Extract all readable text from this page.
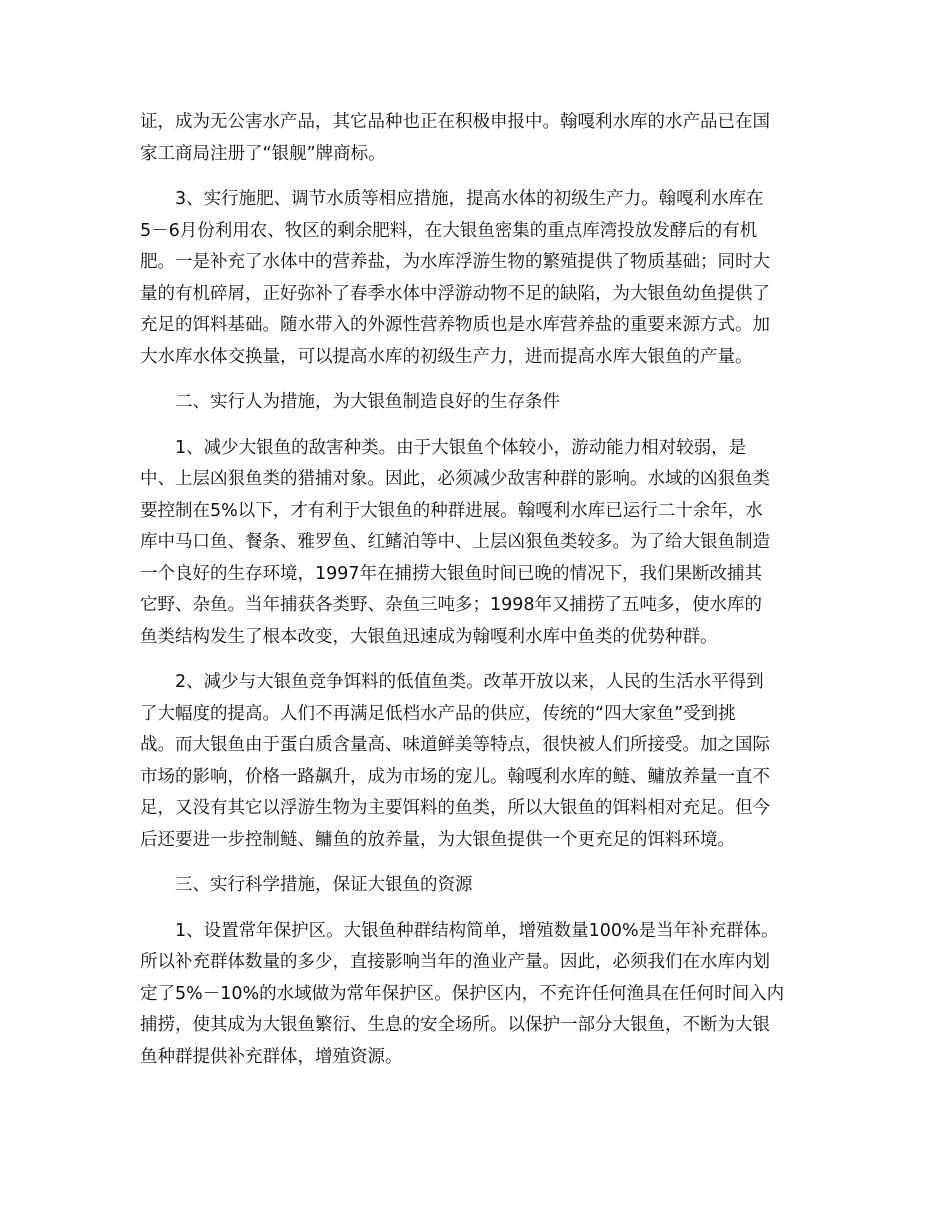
证，成为无公害水产品，其它品种也正在积极申报中。翰嘎利水库的水产品已在国
家工商局注册了“银舰”牌商标。

3、实行施肥、调节水质等相应措施，提高水体的初级生产力。翰嘎利水库在
5－6月份利用农、牧区的剩余肥料，在大银鱼密集的重点库湾投放发酵后的有机
肥。一是补充了水体中的营养盐，为水库浮游生物的繁殖提供了物质基础；同时大
量的有机碎屑，正好弥补了春季水体中浮游动物不足的缺陷，为大银鱼幼鱼提供了
充足的饵料基础。随水带入的外源性营养物质也是水库营养盐的重要来源方式。加
大水库水体交换量，可以提高水库的初级生产力，进而提高水库大银鱼的产量。

二、实行人为措施，为大银鱼制造良好的生存条件

1、减少大银鱼的敌害种类。由于大银鱼个体较小，游动能力相对较弱，是
中、上层凶狠鱼类的猎捕对象。因此，必须减少敌害种群的影响。水域的凶狠鱼类
要控制在5%以下，才有利于大银鱼的种群进展。翰嘎利水库已运行二十余年，水
库中马口鱼、餐条、雅罗鱼、红鳍泊等中、上层凶狠鱼类较多。为了给大银鱼制造
一个良好的生存环境，1997年在捕捞大银鱼时间已晚的情况下，我们果断改捕其
它野、杂鱼。当年捕获各类野、杂鱼三吨多；1998年又捕捞了五吨多，使水库的
鱼类结构发生了根本改变，大银鱼迅速成为翰嘎利水库中鱼类的优势种群。

2、减少与大银鱼竞争饵料的低值鱼类。改革开放以来，人民的生活水平得到
了大幅度的提高。人们不再满足低档水产品的供应，传统的“四大家鱼”受到挑
战。而大银鱼由于蛋白质含量高、味道鲜美等特点，很快被人们所接受。加之国际
市场的影响，价格一路飙升，成为市场的宠儿。翰嘎利水库的鲢、鳙放养量一直不
足，又没有其它以浮游生物为主要饵料的鱼类，所以大银鱼的饵料相对充足。但今
后还要进一步控制鲢、鳙鱼的放养量，为大银鱼提供一个更充足的饵料环境。

三、实行科学措施，保证大银鱼的资源

1、设置常年保护区。大银鱼种群结构简单，增殖数量100%是当年补充群体。
所以补充群体数量的多少，直接影响当年的渔业产量。因此，必须我们在水库内划
定了5%－10%的水域做为常年保护区。保护区内，不充许任何渔具在任何时间入内
捕捞，使其成为大银鱼繁衍、生息的安全场所。以保护一部分大银鱼，不断为大银
鱼种群提供补充群体，增殖资源。
